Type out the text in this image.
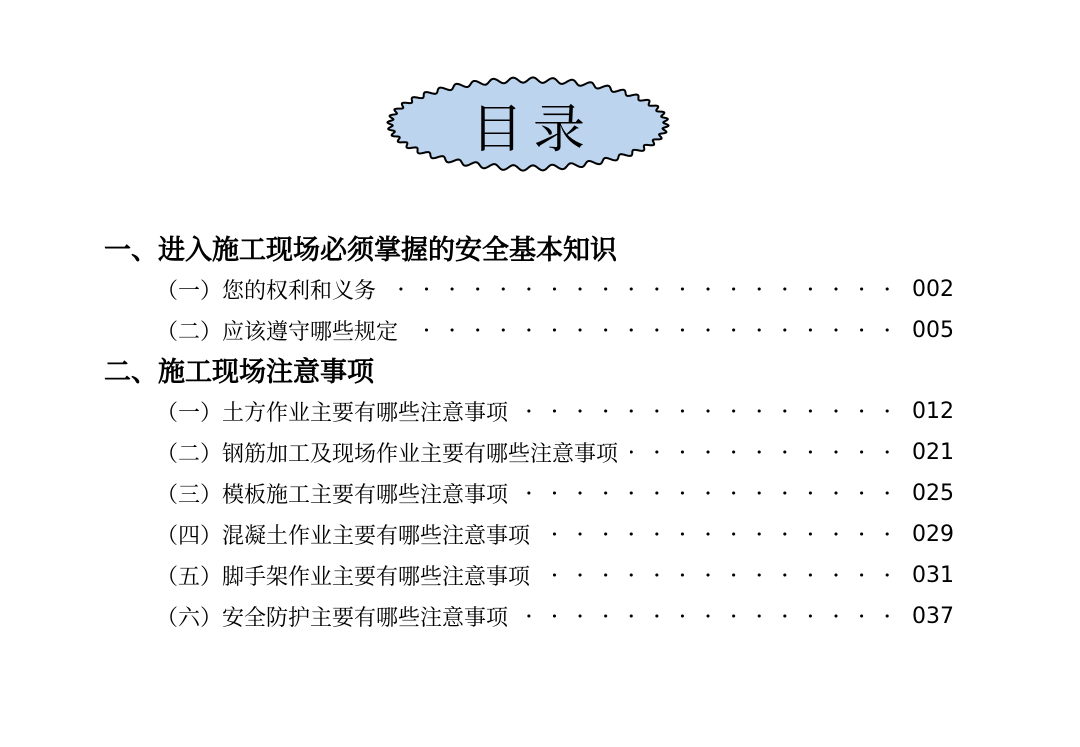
目录
一、进入施工现场必须掌握的安全基本知识
（一）您的权利和义务	002
（二）应该遵守哪些规定	005
二、施工现场注意事项
（一）土方作业主要有哪些注意事项	012
（二）钢筋加工及现场作业主要有哪些注意事项	021
（三）模板施工主要有哪些注意事项	025
（四）混凝土作业主要有哪些注意事项	029
（五）脚手架作业主要有哪些注意事项	031
（六）安全防护主要有哪些注意事项	037
